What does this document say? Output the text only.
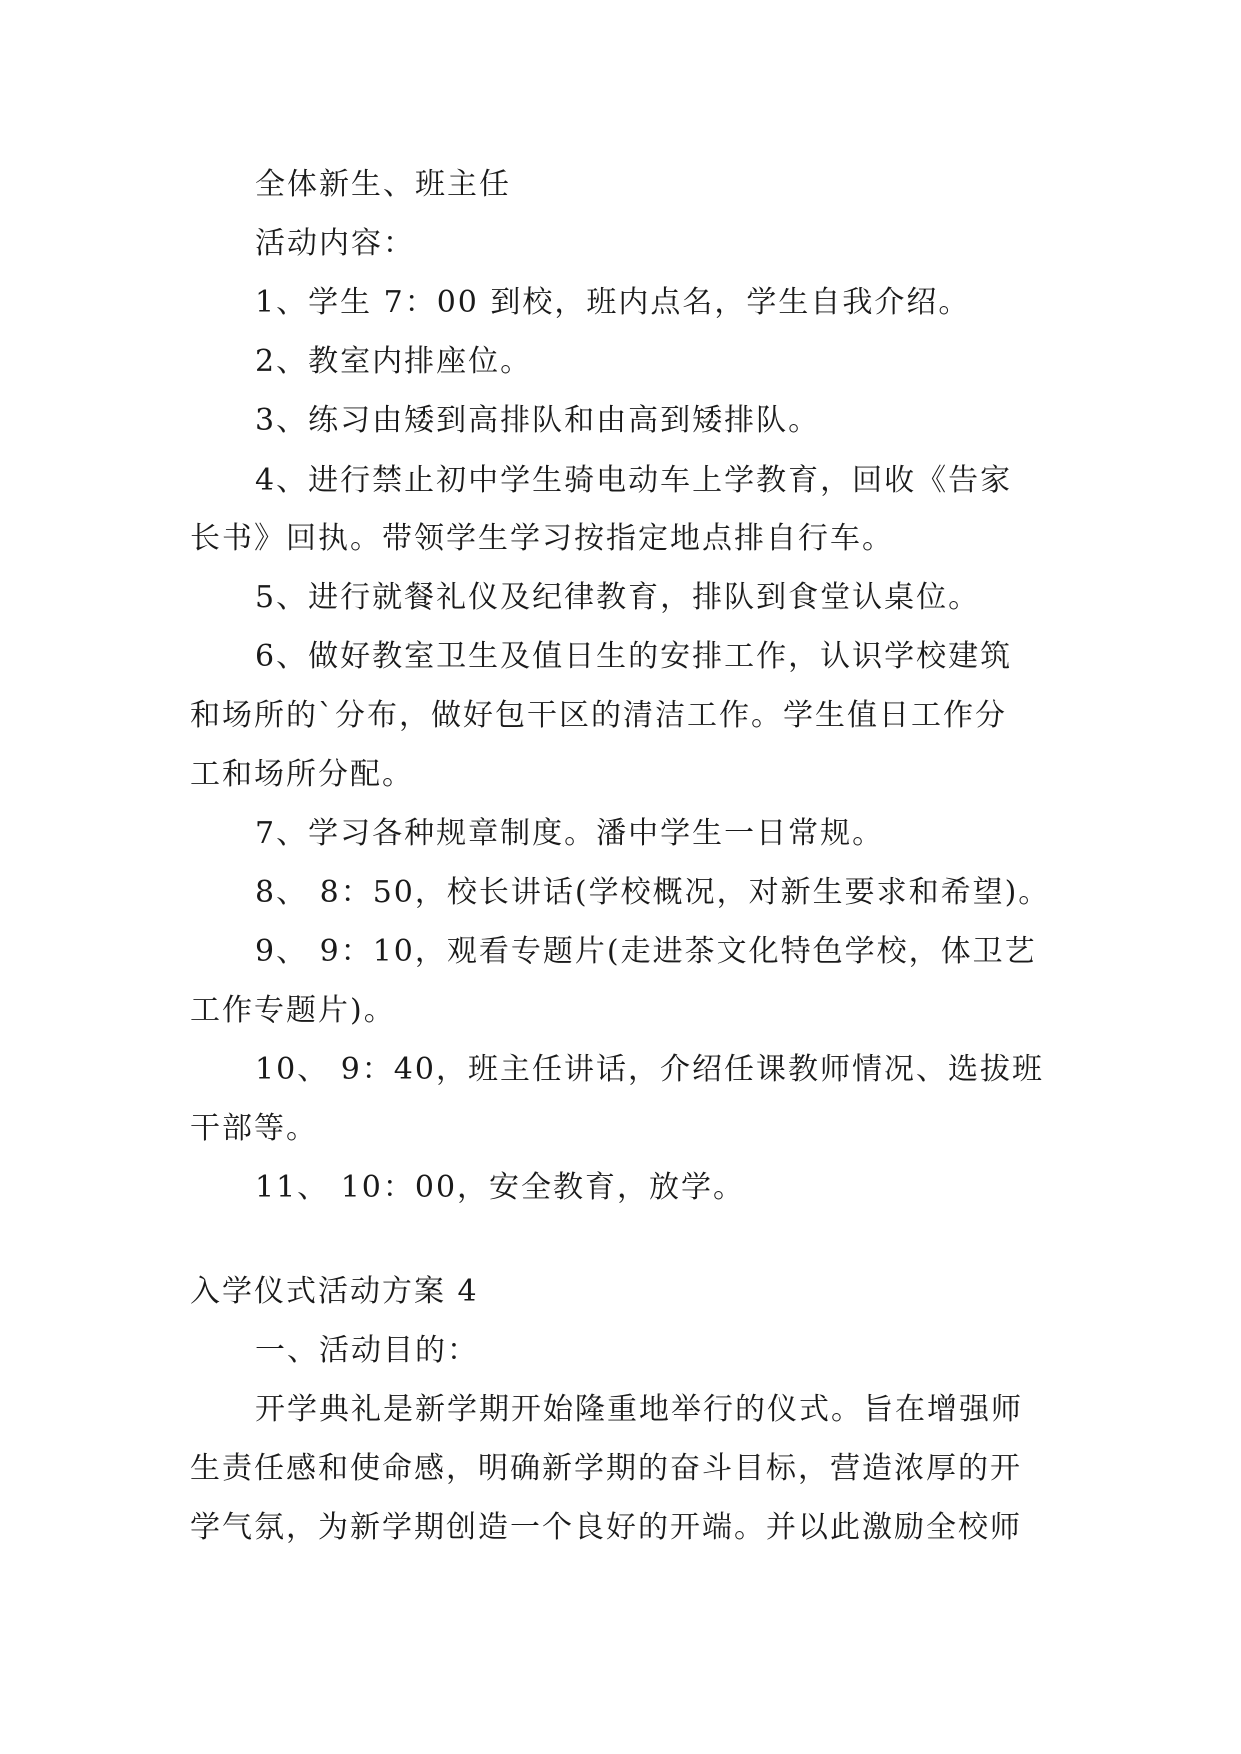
全体新生、班主任
活动内容：
1、学生 7：00 到校，班内点名，学生自我介绍。
2、教室内排座位。
3、练习由矮到高排队和由高到矮排队。
4、进行禁止初中学生骑电动车上学教育，回收《告家
长书》回执。带领学生学习按指定地点排自行车。
5、进行就餐礼仪及纪律教育，排队到食堂认桌位。
6、做好教室卫生及值日生的安排工作，认识学校建筑
和场所的`分布，做好包干区的清洁工作。学生值日工作分
工和场所分配。
7、学习各种规章制度。潘中学生一日常规。
8、 8：50，校长讲话(学校概况，对新生要求和希望)。
9、 9：10，观看专题片(走进茶文化特色学校，体卫艺
工作专题片)。
10、 9：40，班主任讲话，介绍任课教师情况、选拔班
干部等。
11、 10：00，安全教育，放学。
入学仪式活动方案 4
一、活动目的：
开学典礼是新学期开始隆重地举行的仪式。旨在增强师
生责任感和使命感，明确新学期的奋斗目标，营造浓厚的开
学气氛，为新学期创造一个良好的开端。并以此激励全校师
